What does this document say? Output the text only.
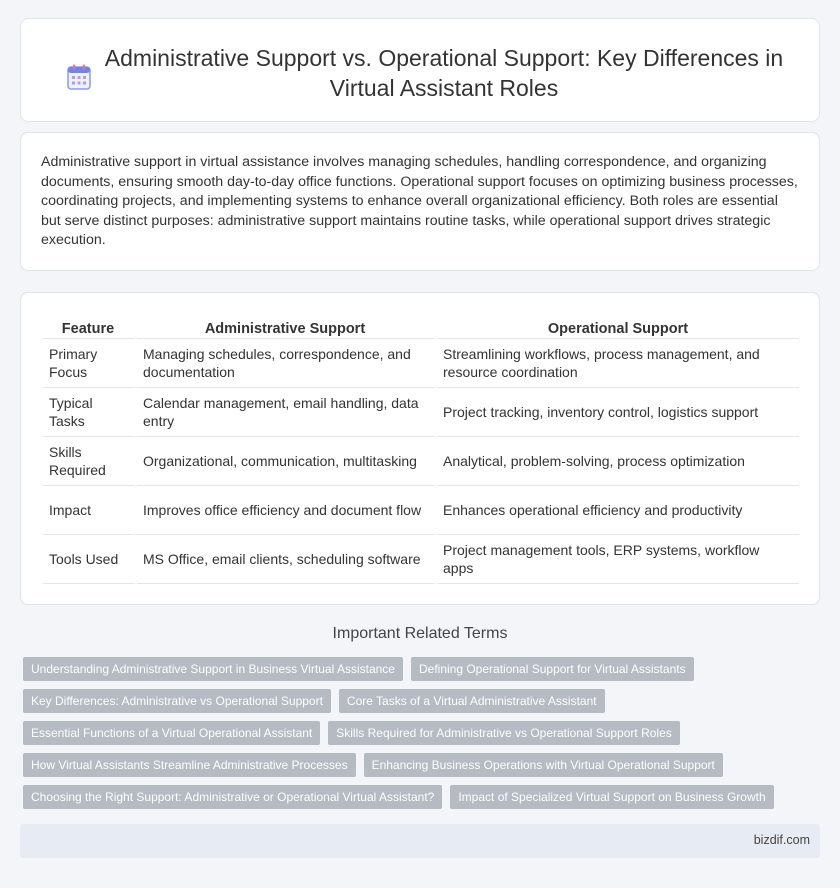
Administrative Support vs. Operational Support: Key Differences in Virtual Assistant Roles

Administrative support in virtual assistance involves managing schedules, handling correspondence, and organizing documents, ensuring smooth day-to-day office functions. Operational support focuses on optimizing business processes, coordinating projects, and implementing systems to enhance overall organizational efficiency. Both roles are essential but serve distinct purposes: administrative support maintains routine tasks, while operational support drives strategic execution.

Feature	Administrative Support	Operational Support
Primary Focus	Managing schedules, correspondence, and documentation	Streamlining workflows, process management, and resource coordination
Typical Tasks	Calendar management, email handling, data entry	Project tracking, inventory control, logistics support
Skills Required	Organizational, communication, multitasking	Analytical, problem-solving, process optimization
Impact	Improves office efficiency and document flow	Enhances operational efficiency and productivity
Tools Used	MS Office, email clients, scheduling software	Project management tools, ERP systems, workflow apps
Important Related Terms
Understanding Administrative Support in Business Virtual Assistance	Defining Operational Support for Virtual Assistants
Key Differences: Administrative vs Operational Support	Core Tasks of a Virtual Administrative Assistant
Essential Functions of a Virtual Operational Assistant	Skills Required for Administrative vs Operational Support Roles
How Virtual Assistants Streamline Administrative Processes	Enhancing Business Operations with Virtual Operational Support
Choosing the Right Support: Administrative or Operational Virtual Assistant?	Impact of Specialized Virtual Support on Business Growth
bizdif.com
